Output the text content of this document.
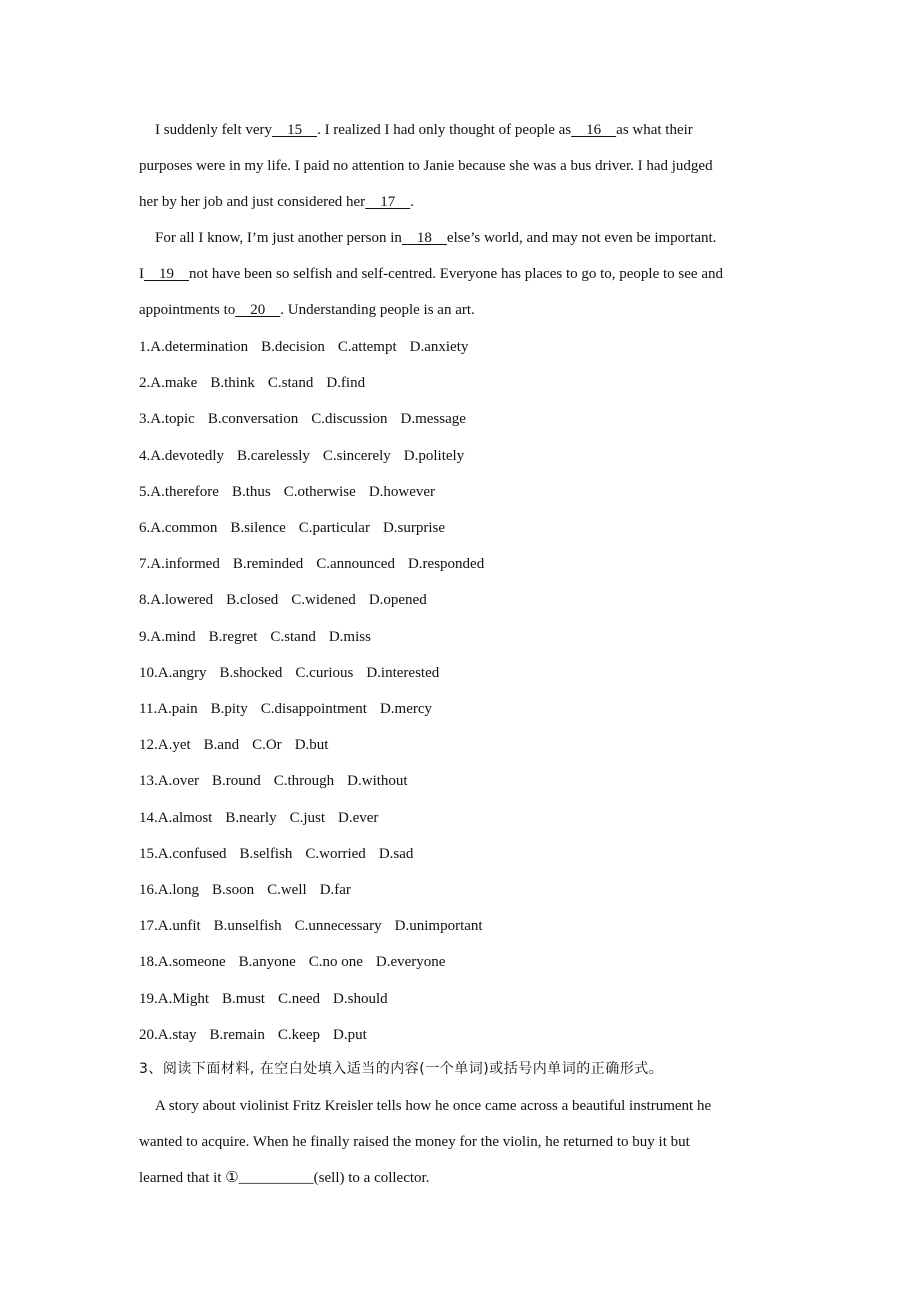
I suddenly felt very    15    . I realized I had only thought of people as    16    as what their
purposes were in my life. I paid no attention to Janie because she was a bus driver. I had judged
her by her job and just considered her    17    .
For all I know, I’m just another person in    18    else’s world, and may not even be important.
I    19    not have been so selfish and self-centred. Everyone has places to go to, people to see and
appointments to    20    . Understanding people is an art.
1.A.determination B.decision C.attempt D.anxiety
2.A.make B.think C.stand D.find
3.A.topic B.conversation C.discussion D.message
4.A.devotedly B.carelessly C.sincerely D.politely
5.A.therefore B.thus C.otherwise D.however
6.A.common B.silence C.particular D.surprise
7.A.informed B.reminded C.announced D.responded
8.A.lowered B.closed C.widened D.opened
9.A.mind B.regret C.stand D.miss
10.A.angry B.shocked C.curious D.interested
11.A.pain B.pity C.disappointment D.mercy
12.A.yet B.and C.Or D.but
13.A.over B.round C.through D.without
14.A.almost B.nearly C.just D.ever
15.A.confused B.selfish C.worried D.sad
16.A.long B.soon C.well D.far
17.A.unfit B.unselfish C.unnecessary D.unimportant
18.A.someone B.anyone C.no one D.everyone
19.A.Might B.must C.need D.should
20.A.stay B.remain C.keep D.put
3、阅读下面材料, 在空白处填入适当的内容(一个单词)或括号内单词的正确形式。
A story about violinist Fritz Kreisler tells how he once came across a beautiful instrument he
wanted to acquire. When he finally raised the money for the violin, he returned to buy it but
learned that it ①__________(sell) to a collector.
